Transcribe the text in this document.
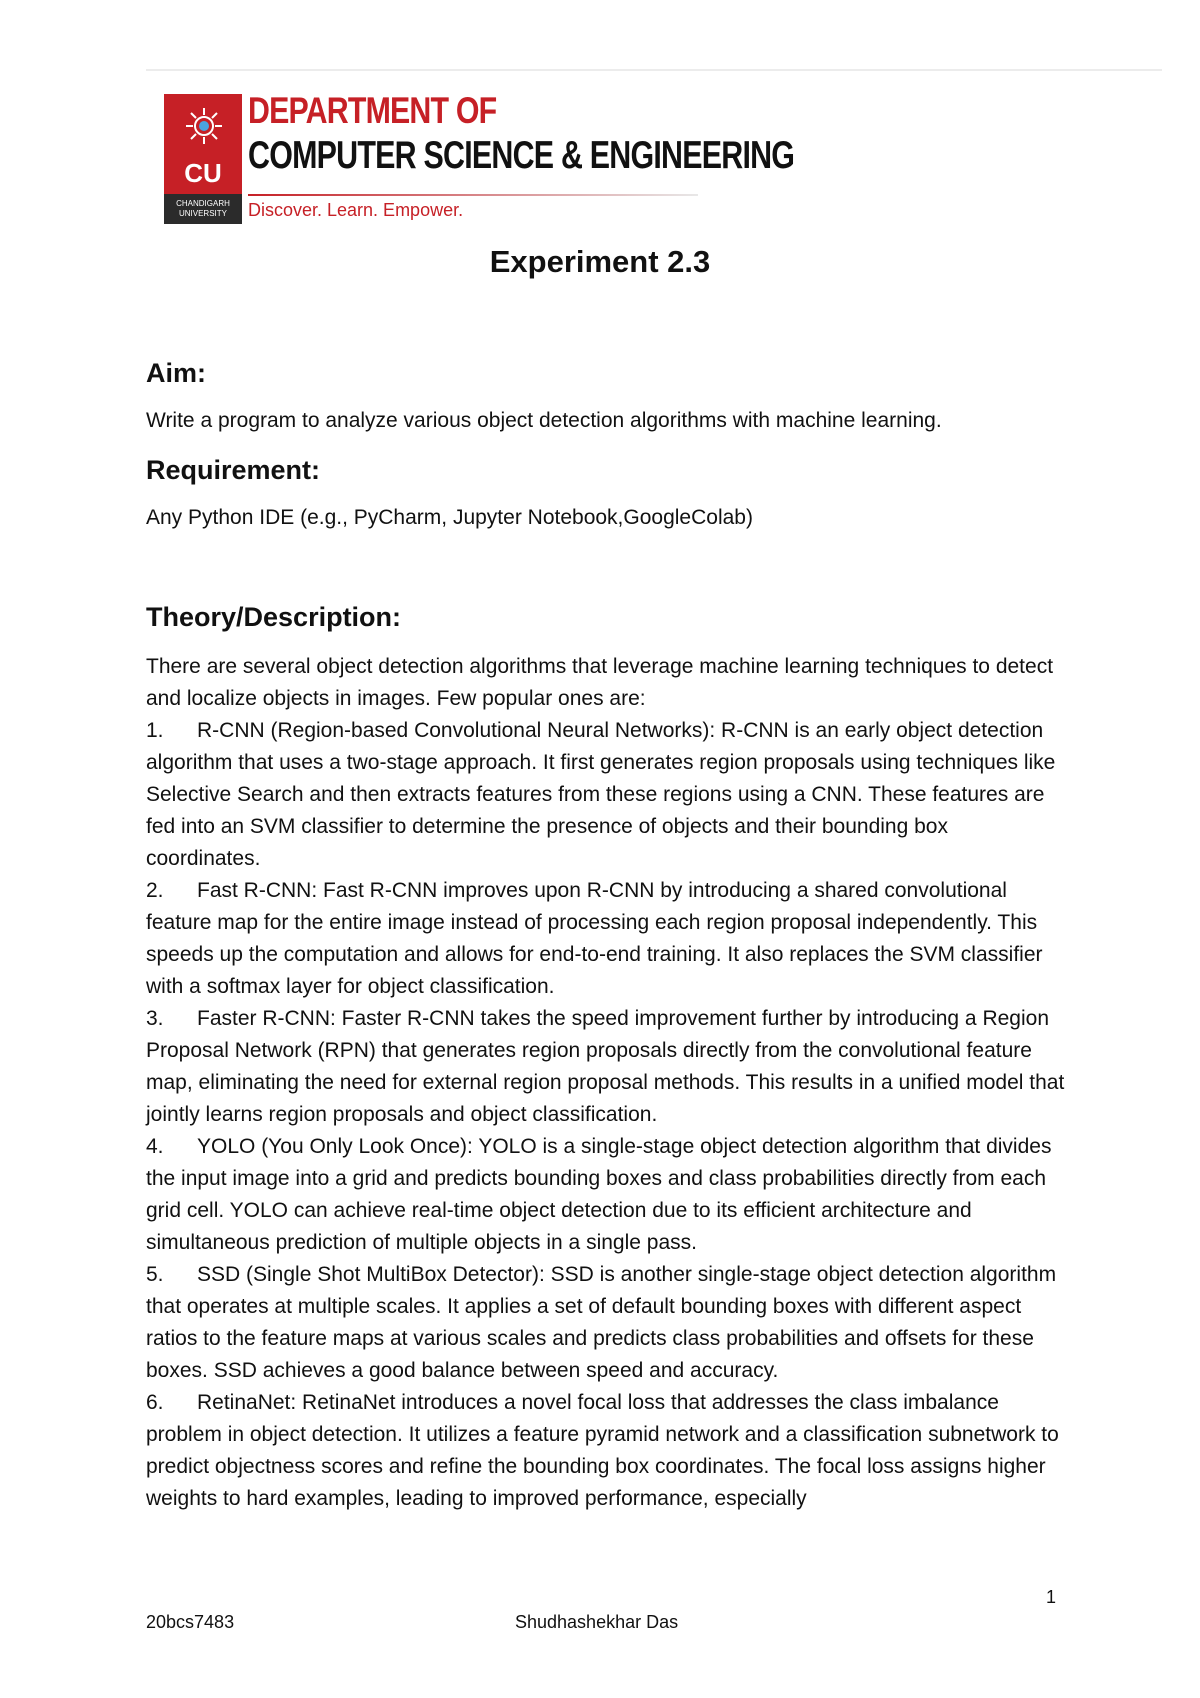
CU
CHANDIGARH UNIVERSITY
DEPARTMENT OF
COMPUTER SCIENCE & ENGINEERING
Discover. Learn. Empower.
Experiment 2.3
Aim:

Write a program to analyze various object detection algorithms with machine learning.

Requirement:

Any Python IDE (e.g., PyCharm, Jupyter Notebook,GoogleColab)

Theory/Description:

There are several object detection algorithms that leverage machine learning techniques to detect and localize objects in images. Few popular ones are:

1. R-CNN (Region-based Convolutional Neural Networks): R-CNN is an early object detection algorithm that uses a two-stage approach. It first generates region proposals using techniques like Selective Search and then extracts features from these regions using a CNN. These features are fed into an SVM classifier to determine the presence of objects and their bounding box coordinates.

2. Fast R-CNN: Fast R-CNN improves upon R-CNN by introducing a shared convolutional feature map for the entire image instead of processing each region proposal independently. This speeds up the computation and allows for end-to-end training. It also replaces the SVM classifier with a softmax layer for object classification.

3. Faster R-CNN: Faster R-CNN takes the speed improvement further by introducing a Region Proposal Network (RPN) that generates region proposals directly from the convolutional feature map, eliminating the need for external region proposal methods. This results in a unified model that jointly learns region proposals and object classification.

4. YOLO (You Only Look Once): YOLO is a single-stage object detection algorithm that divides the input image into a grid and predicts bounding boxes and class probabilities directly from each grid cell. YOLO can achieve real-time object detection due to its efficient architecture and simultaneous prediction of multiple objects in a single pass.

5. SSD (Single Shot MultiBox Detector): SSD is another single-stage object detection algorithm that operates at multiple scales. It applies a set of default bounding boxes with different aspect ratios to the feature maps at various scales and predicts class probabilities and offsets for these boxes. SSD achieves a good balance between speed and accuracy.

6. RetinaNet: RetinaNet introduces a novel focal loss that addresses the class imbalance problem in object detection. It utilizes a feature pyramid network and a classification subnetwork to predict objectness scores and refine the bounding box coordinates. The focal loss assigns higher weights to hard examples, leading to improved performance, especially

1
20bcs7483	Shudhashekhar Das
